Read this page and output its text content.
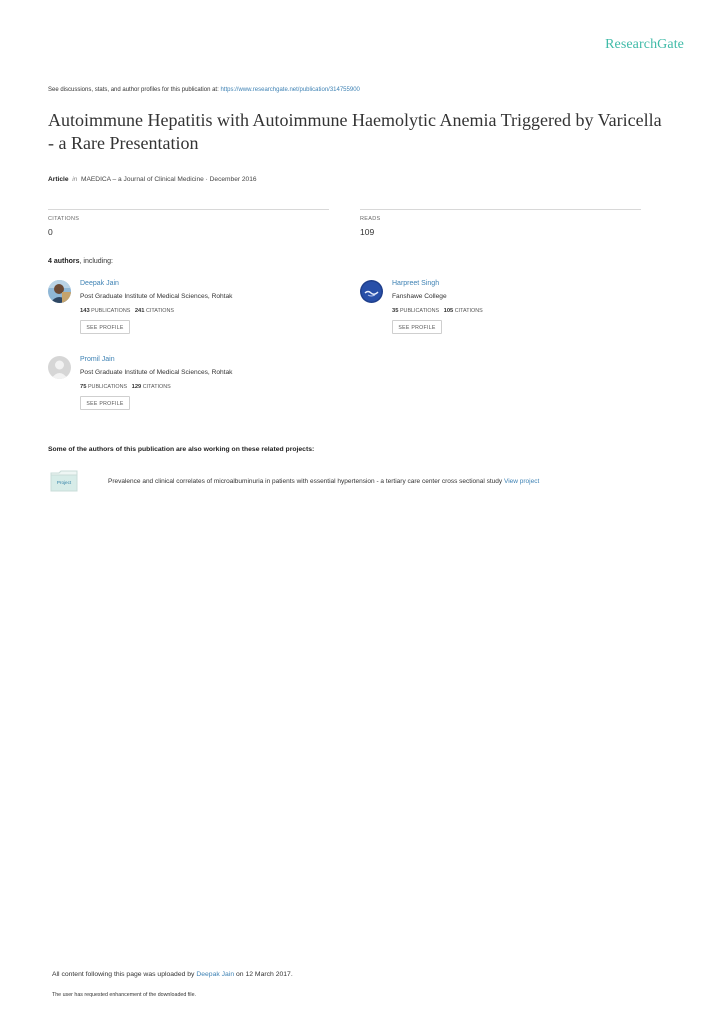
ResearchGate
See discussions, stats, and author profiles for this publication at: https://www.researchgate.net/publication/314755900
Autoimmune Hepatitis with Autoimmune Haemolytic Anemia Triggered by Varicella - a Rare Presentation
Article in MAEDICA – a Journal of Clinical Medicine · December 2016
CITATIONS
0
READS
109
4 authors, including:
Deepak Jain
Post Graduate Institute of Medical Sciences, Rohtak
143 PUBLICATIONS 241 CITATIONS
SEE PROFILE
Harpreet Singh
Fanshawe College
35 PUBLICATIONS 105 CITATIONS
SEE PROFILE
Promil Jain
Post Graduate Institute of Medical Sciences, Rohtak
75 PUBLICATIONS 129 CITATIONS
SEE PROFILE
Some of the authors of this publication are also working on these related projects:
Project	Prevalence and clinical correlates of microalbuminuria in patients with essential hypertension - a tertiary care center cross sectional study View project
All content following this page was uploaded by Deepak Jain on 12 March 2017.
The user has requested enhancement of the downloaded file.
